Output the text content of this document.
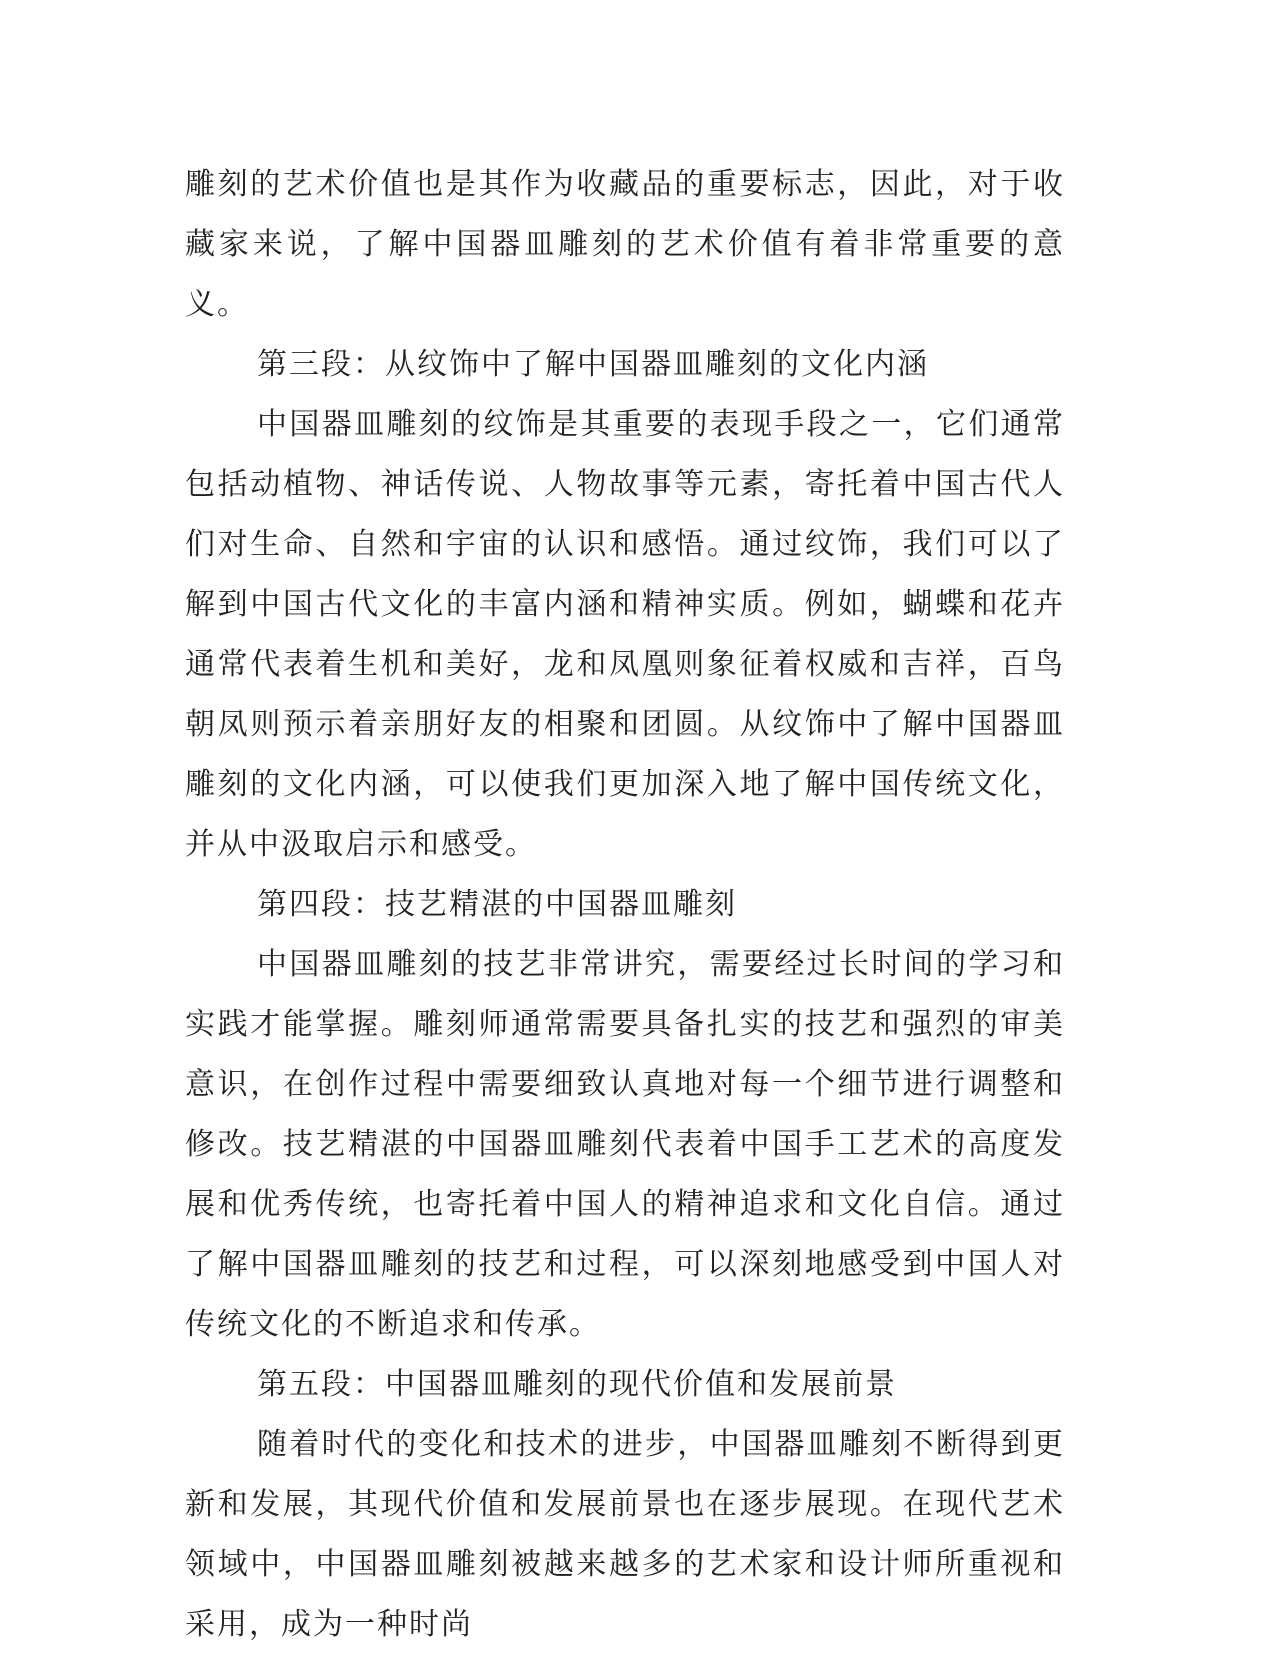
雕刻的艺术价值也是其作为收藏品的重要标志，因此，对于收藏家来说，了解中国器皿雕刻的艺术价值有着非常重要的意义。

第三段：从纹饰中了解中国器皿雕刻的文化内涵

中国器皿雕刻的纹饰是其重要的表现手段之一，它们通常包括动植物、神话传说、人物故事等元素，寄托着中国古代人们对生命、自然和宇宙的认识和感悟。通过纹饰，我们可以了解到中国古代文化的丰富内涵和精神实质。例如，蝴蝶和花卉通常代表着生机和美好，龙和凤凰则象征着权威和吉祥，百鸟朝凤则预示着亲朋好友的相聚和团圆。从纹饰中了解中国器皿雕刻的文化内涵，可以使我们更加深入地了解中国传统文化，并从中汲取启示和感受。

第四段：技艺精湛的中国器皿雕刻

中国器皿雕刻的技艺非常讲究，需要经过长时间的学习和实践才能掌握。雕刻师通常需要具备扎实的技艺和强烈的审美意识，在创作过程中需要细致认真地对每一个细节进行调整和修改。技艺精湛的中国器皿雕刻代表着中国手工艺术的高度发展和优秀传统，也寄托着中国人的精神追求和文化自信。通过了解中国器皿雕刻的技艺和过程，可以深刻地感受到中国人对传统文化的不断追求和传承。

第五段：中国器皿雕刻的现代价值和发展前景

随着时代的变化和技术的进步，中国器皿雕刻不断得到更新和发展，其现代价值和发展前景也在逐步展现。在现代艺术领域中，中国器皿雕刻被越来越多的艺术家和设计师所重视和采用，成为一种时尚
